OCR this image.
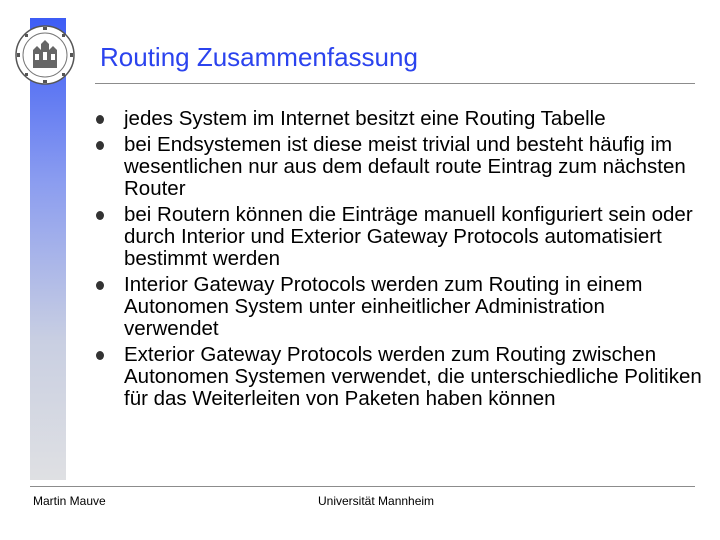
Routing Zusammenfassung
jedes System im Internet besitzt eine Routing Tabelle
bei Endsystemen ist diese meist trivial und besteht häufig im wesentlichen nur aus dem default route Eintrag zum nächsten Router
bei Routern können die Einträge manuell konfiguriert sein oder durch Interior und Exterior Gateway Protocols automatisiert bestimmt werden
Interior Gateway Protocols werden zum Routing in einem Autonomen System unter einheitlicher Administration verwendet
Exterior Gateway Protocols werden zum Routing zwischen Autonomen Systemen verwendet, die unterschiedliche Politiken für das Weiterleiten von Paketen haben können
Martin Mauve	Universität Mannheim
